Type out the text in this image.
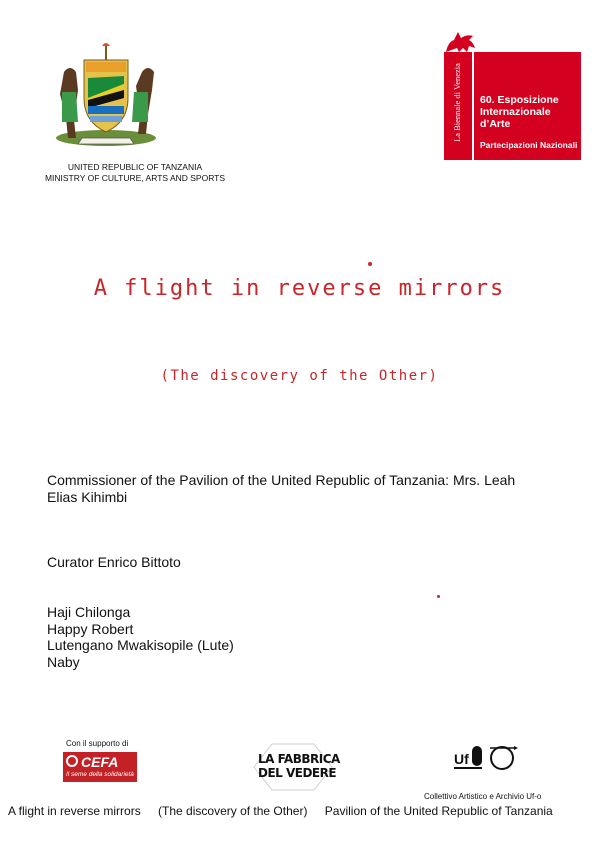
UNITED REPUBLIC OF TANZANIA
MINISTRY OF CULTURE, ARTS AND SPORTS
La Biennale di Venezia 60. Esposizione
Internazionale
d’Arte
Partecipazioni Nazionali
A flight in reverse mirrors
(The discovery of the Other)
Commissioner of the Pavilion of the United Republic of Tanzania: Mrs. Leah
Elias Kihimbi
Curator Enrico Bittoto
Haji Chilonga
Happy Robert
Lutengano Mwakisopile (Lute)
Naby
Con il supporto di
CEFA
Il seme della solidarietà
LA FABBRICA
DEL VEDERE
Uf
Collettivo Artistico e Archivio Uf-o
A flight in reverse mirrors (The discovery of the Other) Pavilion of the United Republic of Tanzania
